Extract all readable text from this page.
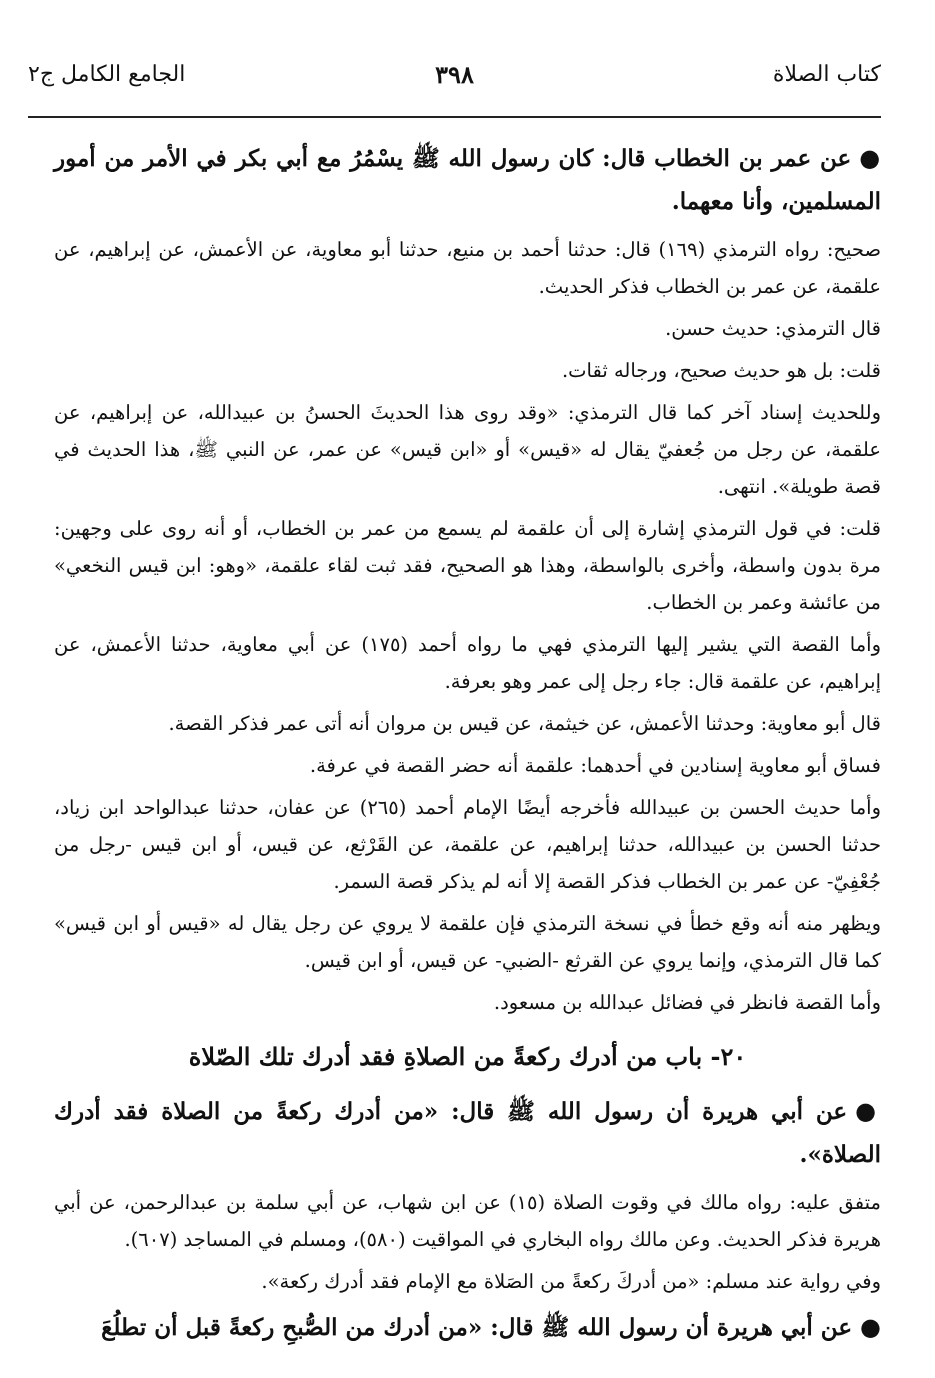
كتاب الصلاة
٣٩٨
الجامع الكامل ج٢

●عن عمر بن الخطاب قال: كان رسول الله ﷺ يسْمُرُ مع أبي بكر في الأمر من أمور المسلمين، وأنا معهما.

صحيح: رواه الترمذي (١٦٩) قال: حدثنا أحمد بن منيع، حدثنا أبو معاوية، عن الأعمش، عن إبراهيم، عن علقمة، عن عمر بن الخطاب فذكر الحديث.

قال الترمذي: حديث حسن.

قلت: بل هو حديث صحيح، ورجاله ثقات.

وللحديث إسناد آخر كما قال الترمذي: «وقد روى هذا الحديثَ الحسنُ بن عبيدالله، عن إبراهيم، عن علقمة، عن رجل من جُعفيّ يقال له «قيس» أو «ابن قيس» عن عمر، عن النبي ﷺ، هذا الحديث في قصة طويلة». انتهى.

قلت: في قول الترمذي إشارة إلى أن علقمة لم يسمع من عمر بن الخطاب، أو أنه روى على وجهين: مرة بدون واسطة، وأخرى بالواسطة، وهذا هو الصحيح، فقد ثبت لقاء علقمة، «وهو: ابن قيس النخعي» من عائشة وعمر بن الخطاب.

وأما القصة التي يشير إليها الترمذي فهي ما رواه أحمد (١٧٥) عن أبي معاوية، حدثنا الأعمش، عن إبراهيم، عن علقمة قال: جاء رجل إلى عمر وهو بعرفة.

قال أبو معاوية: وحدثنا الأعمش، عن خيثمة، عن قيس بن مروان أنه أتى عمر فذكر القصة.

فساق أبو معاوية إسنادين في أحدهما: علقمة أنه حضر القصة في عرفة.

وأما حديث الحسن بن عبيدالله فأخرجه أيضًا الإمام أحمد (٢٦٥) عن عفان، حدثنا عبدالواحد ابن زياد، حدثنا الحسن بن عبيدالله، حدثنا إبراهيم، عن علقمة، عن القَرْثع، عن قيس، أو ابن قيس -رجل من جُعْفِيّ- عن عمر بن الخطاب فذكر القصة إلا أنه لم يذكر قصة السمر.

ويظهر منه أنه وقع خطأ في نسخة الترمذي فإن علقمة لا يروي عن رجل يقال له «قيس أو ابن قيس» كما قال الترمذي، وإنما يروي عن القرثع -الضبي- عن قيس، أو ابن قيس.

وأما القصة فانظر في فضائل عبدالله بن مسعود.

٢٠- باب من أدرك ركعةً من الصلاةِ فقد أدرك تلك الصّلاة

●عن أبي هريرة أن رسول الله ﷺ قال: «من أدرك ركعةً من الصلاة فقد أدرك الصلاة».

متفق عليه: رواه مالك في وقوت الصلاة (١٥) عن ابن شهاب، عن أبي سلمة بن عبدالرحمن، عن أبي هريرة فذكر الحديث. وعن مالك رواه البخاري في المواقيت (٥٨٠)، ومسلم في المساجد (٦٠٧).

وفي رواية عند مسلم: «من أدركَ ركعةً من الصَلاة مع الإمام فقد أدرك ركعة».

●عن أبي هريرة أن رسول الله ﷺ قال: «من أدرك من الصُّبحِ ركعةً قبل أن تطلُعَ
